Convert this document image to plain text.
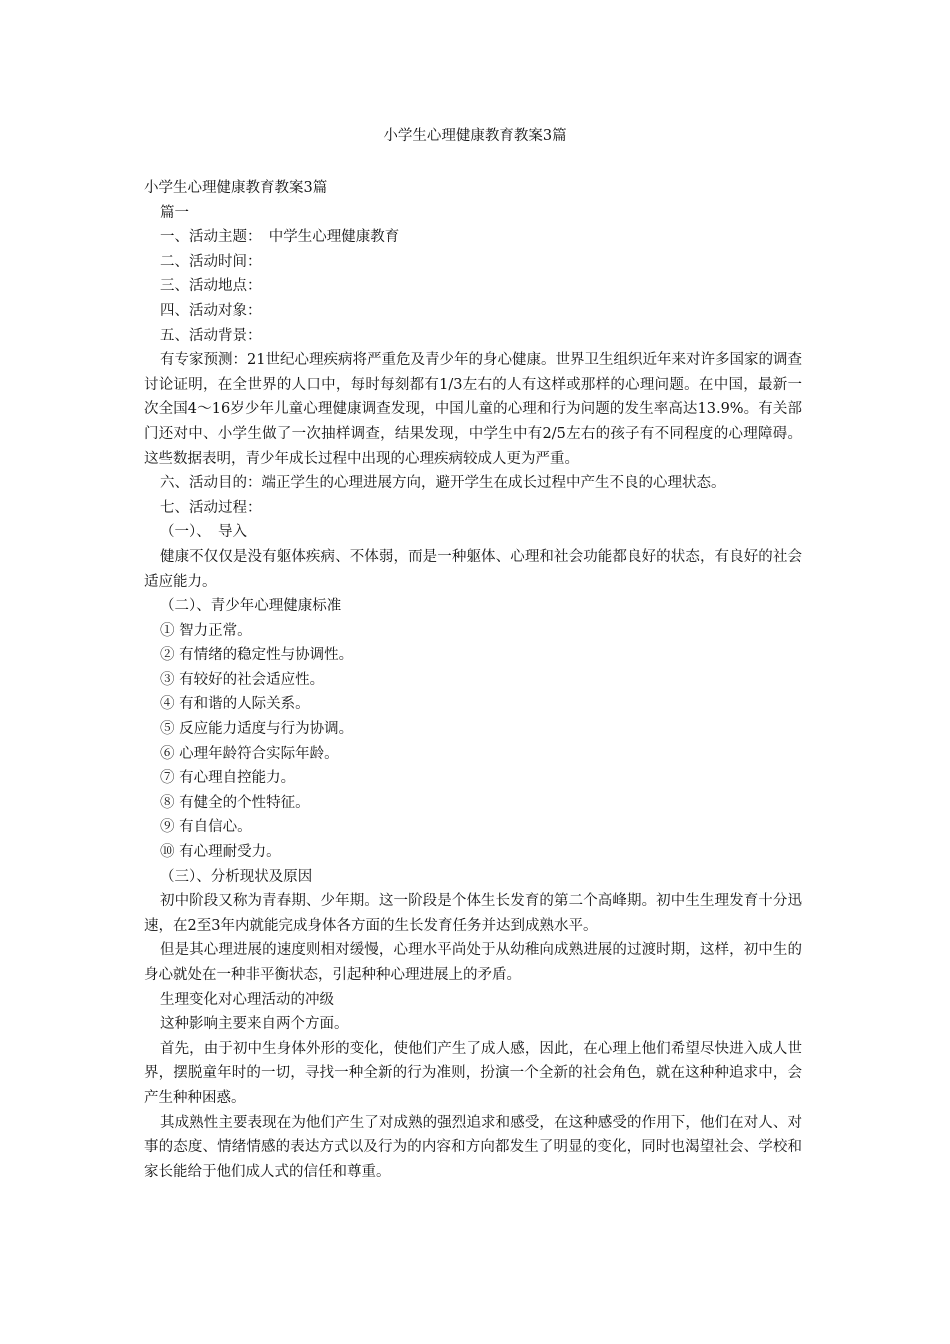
小学生心理健康教育教案3篇

小学生心理健康教育教案3篇

篇一

一、活动主题：　中学生心理健康教育

二、活动时间：

三、活动地点：

四、活动对象：

五、活动背景：

有专家预测：21世纪心理疾病将严重危及青少年的身心健康。世界卫生组织近年来对许多国家的调查讨论证明，在全世界的人口中，每时每刻都有1/3左右的人有这样或那样的心理问题。在中国，最新一次全国4～16岁少年儿童心理健康调查发现，中国儿童的心理和行为问题的发生率高达13.9%。有关部门还对中、小学生做了一次抽样调查，结果发现，中学生中有2/5左右的孩子有不同程度的心理障碍。这些数据表明，青少年成长过程中出现的心理疾病较成人更为严重。

六、活动目的：端正学生的心理进展方向，避开学生在成长过程中产生不良的心理状态。

七、活动过程：

（一）、　导入

健康不仅仅是没有躯体疾病、不体弱，而是一种躯体、心理和社会功能都良好的状态，有良好的社会适应能力。

（二）、青少年心理健康标准

① 智力正常。

② 有情绪的稳定性与协调性。

③ 有较好的社会适应性。

④ 有和谐的人际关系。

⑤ 反应能力适度与行为协调。

⑥ 心理年龄符合实际年龄。

⑦ 有心理自控能力。

⑧ 有健全的个性特征。

⑨ 有自信心。

⑩ 有心理耐受力。

（三）、分析现状及原因

初中阶段又称为青春期、少年期。这一阶段是个体生长发育的第二个高峰期。初中生生理发育十分迅速，在2至3年内就能完成身体各方面的生长发育任务并达到成熟水平。

但是其心理进展的速度则相对缓慢，心理水平尚处于从幼稚向成熟进展的过渡时期，这样，初中生的身心就处在一种非平衡状态，引起种种心理进展上的矛盾。

生理变化对心理活动的冲级

这种影响主要来自两个方面。

首先，由于初中生身体外形的变化，使他们产生了成人感，因此，在心理上他们希望尽快进入成人世界，摆脱童年时的一切，寻找一种全新的行为准则，扮演一个全新的社会角色，就在这种种追求中，会产生种种困惑。

其成熟性主要表现在为他们产生了对成熟的强烈追求和感受，在这种感受的作用下，他们在对人、对事的态度、情绪情感的表达方式以及行为的内容和方向都发生了明显的变化，同时也渴望社会、学校和家长能给于他们成人式的信任和尊重。
